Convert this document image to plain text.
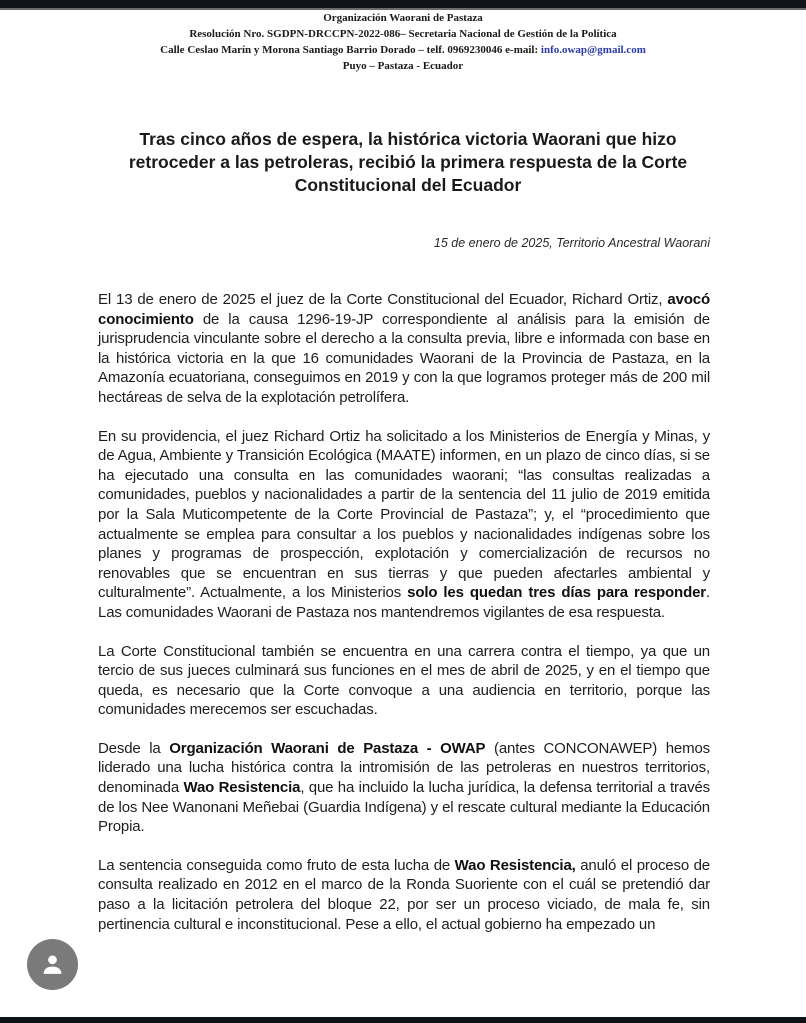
Organización Waorani de Pastaza
Resolución Nro. SGDPN-DRCCPN-2022-086– Secretaria Nacional de Gestión de la Política
Calle Ceslao Marín y Morona Santiago Barrio Dorado – telf. 0969230046 e-mail: info.owap@gmail.com
Puyo – Pastaza - Ecuador
Tras cinco años de espera, la histórica victoria Waorani que hizo retroceder a las petroleras, recibió la primera respuesta de la Corte Constitucional del Ecuador
15 de enero de 2025, Territorio Ancestral Waorani

El 13 de enero de 2025 el juez de la Corte Constitucional del Ecuador, Richard Ortiz, avocó conocimiento de la causa 1296-19-JP correspondiente al análisis para la emisión de jurisprudencia vinculante sobre el derecho a la consulta previa, libre e informada con base en la histórica victoria en la que 16 comunidades Waorani de la Provincia de Pastaza, en la Amazonía ecuatoriana, conseguimos en 2019 y con la que logramos proteger más de 200 mil hectáreas de selva de la explotación petrolífera.

En su providencia, el juez Richard Ortiz ha solicitado a los Ministerios de Energía y Minas, y de Agua, Ambiente y Transición Ecológica (MAATE) informen, en un plazo de cinco días, si se ha ejecutado una consulta en las comunidades waorani; “las consultas realizadas a comunidades, pueblos y nacionalidades a partir de la sentencia del 11 julio de 2019 emitida por la Sala Muticompetente de la Corte Provincial de Pastaza”; y, el “procedimiento que actualmente se emplea para consultar a los pueblos y nacionalidades indígenas sobre los planes y programas de prospección, explotación y comercialización de recursos no renovables que se encuentran en sus tierras y que pueden afectarles ambiental y culturalmente”. Actualmente, a los Ministerios solo les quedan tres días para responder. Las comunidades Waorani de Pastaza nos mantendremos vigilantes de esa respuesta.

La Corte Constitucional también se encuentra en una carrera contra el tiempo, ya que un tercio de sus jueces culminará sus funciones en el mes de abril de 2025, y en el tiempo que queda, es necesario que la Corte convoque a una audiencia en territorio, porque las comunidades merecemos ser escuchadas.

Desde la Organización Waorani de Pastaza - OWAP (antes CONCONAWEP) hemos liderado una lucha histórica contra la intromisión de las petroleras en nuestros territorios, denominada Wao Resistencia, que ha incluido la lucha jurídica, la defensa territorial a través de los Nee Wanonani Meñebai (Guardia Indígena) y el rescate cultural mediante la Educación Propia.

La sentencia conseguida como fruto de esta lucha de Wao Resistencia, anuló el proceso de consulta realizado en 2012 en el marco de la Ronda Suoriente con el cuál se pretendió dar paso a la licitación petrolera del bloque 22, por ser un proceso viciado, de mala fe, sin pertinencia cultural e inconstitucional. Pese a ello, el actual gobierno ha empezado un
